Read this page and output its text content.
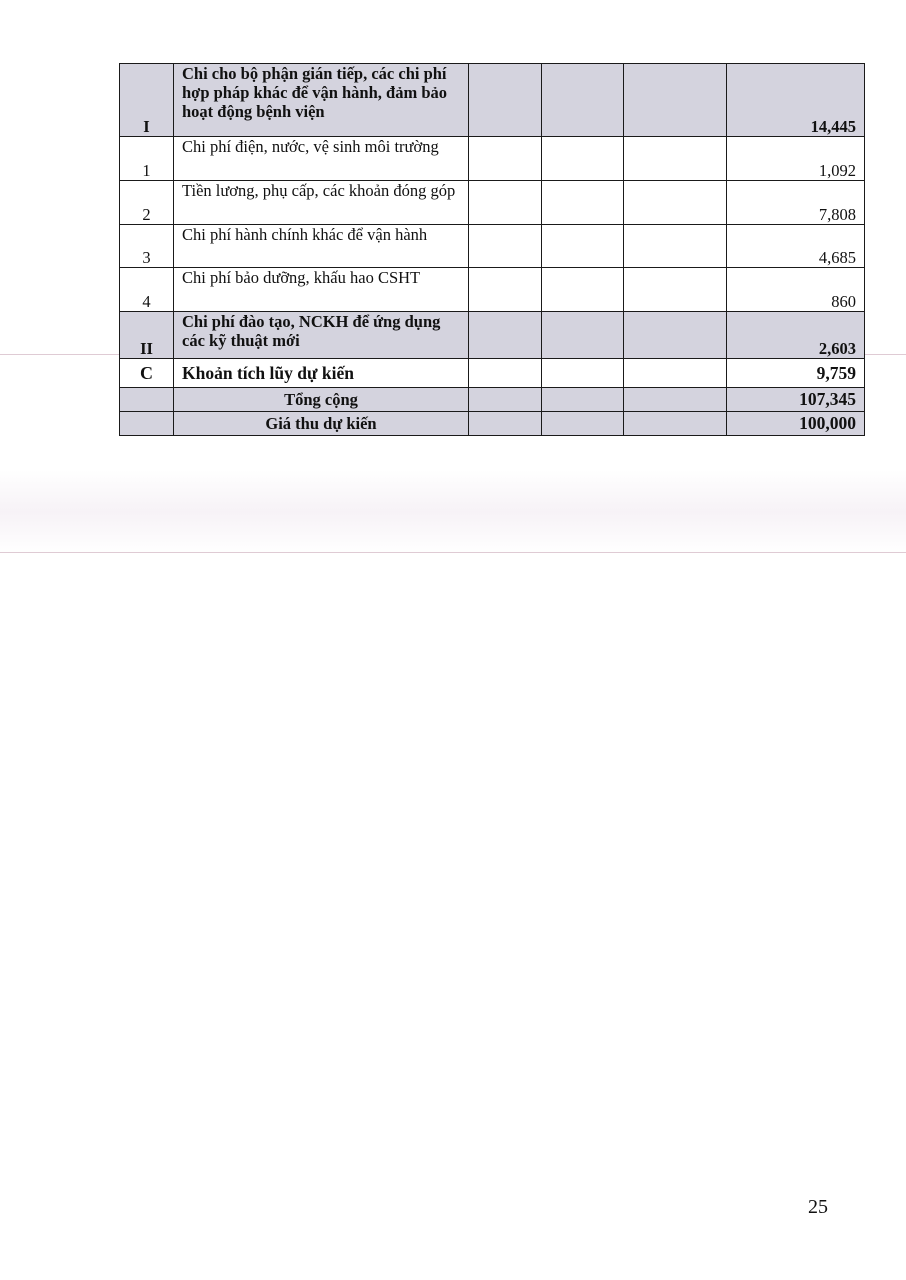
I	Chi cho bộ phận gián tiếp, các chi phí hợp pháp khác để vận hành, đảm bảo hoạt động bệnh viện				14,445
1	Chi phí điện, nước, vệ sinh môi trường				1,092
2	Tiền lương, phụ cấp, các khoản đóng góp				7,808
3	Chi phí hành chính khác để vận hành				4,685
4	Chi phí bảo dưỡng, khấu hao CSHT				860
II	Chi phí đào tạo, NCKH để ứng dụng các kỹ thuật mới				2,603
C	Khoản tích lũy dự kiến				9,759
	Tổng cộng				107,345
	Giá thu dự kiến				100,000
25
